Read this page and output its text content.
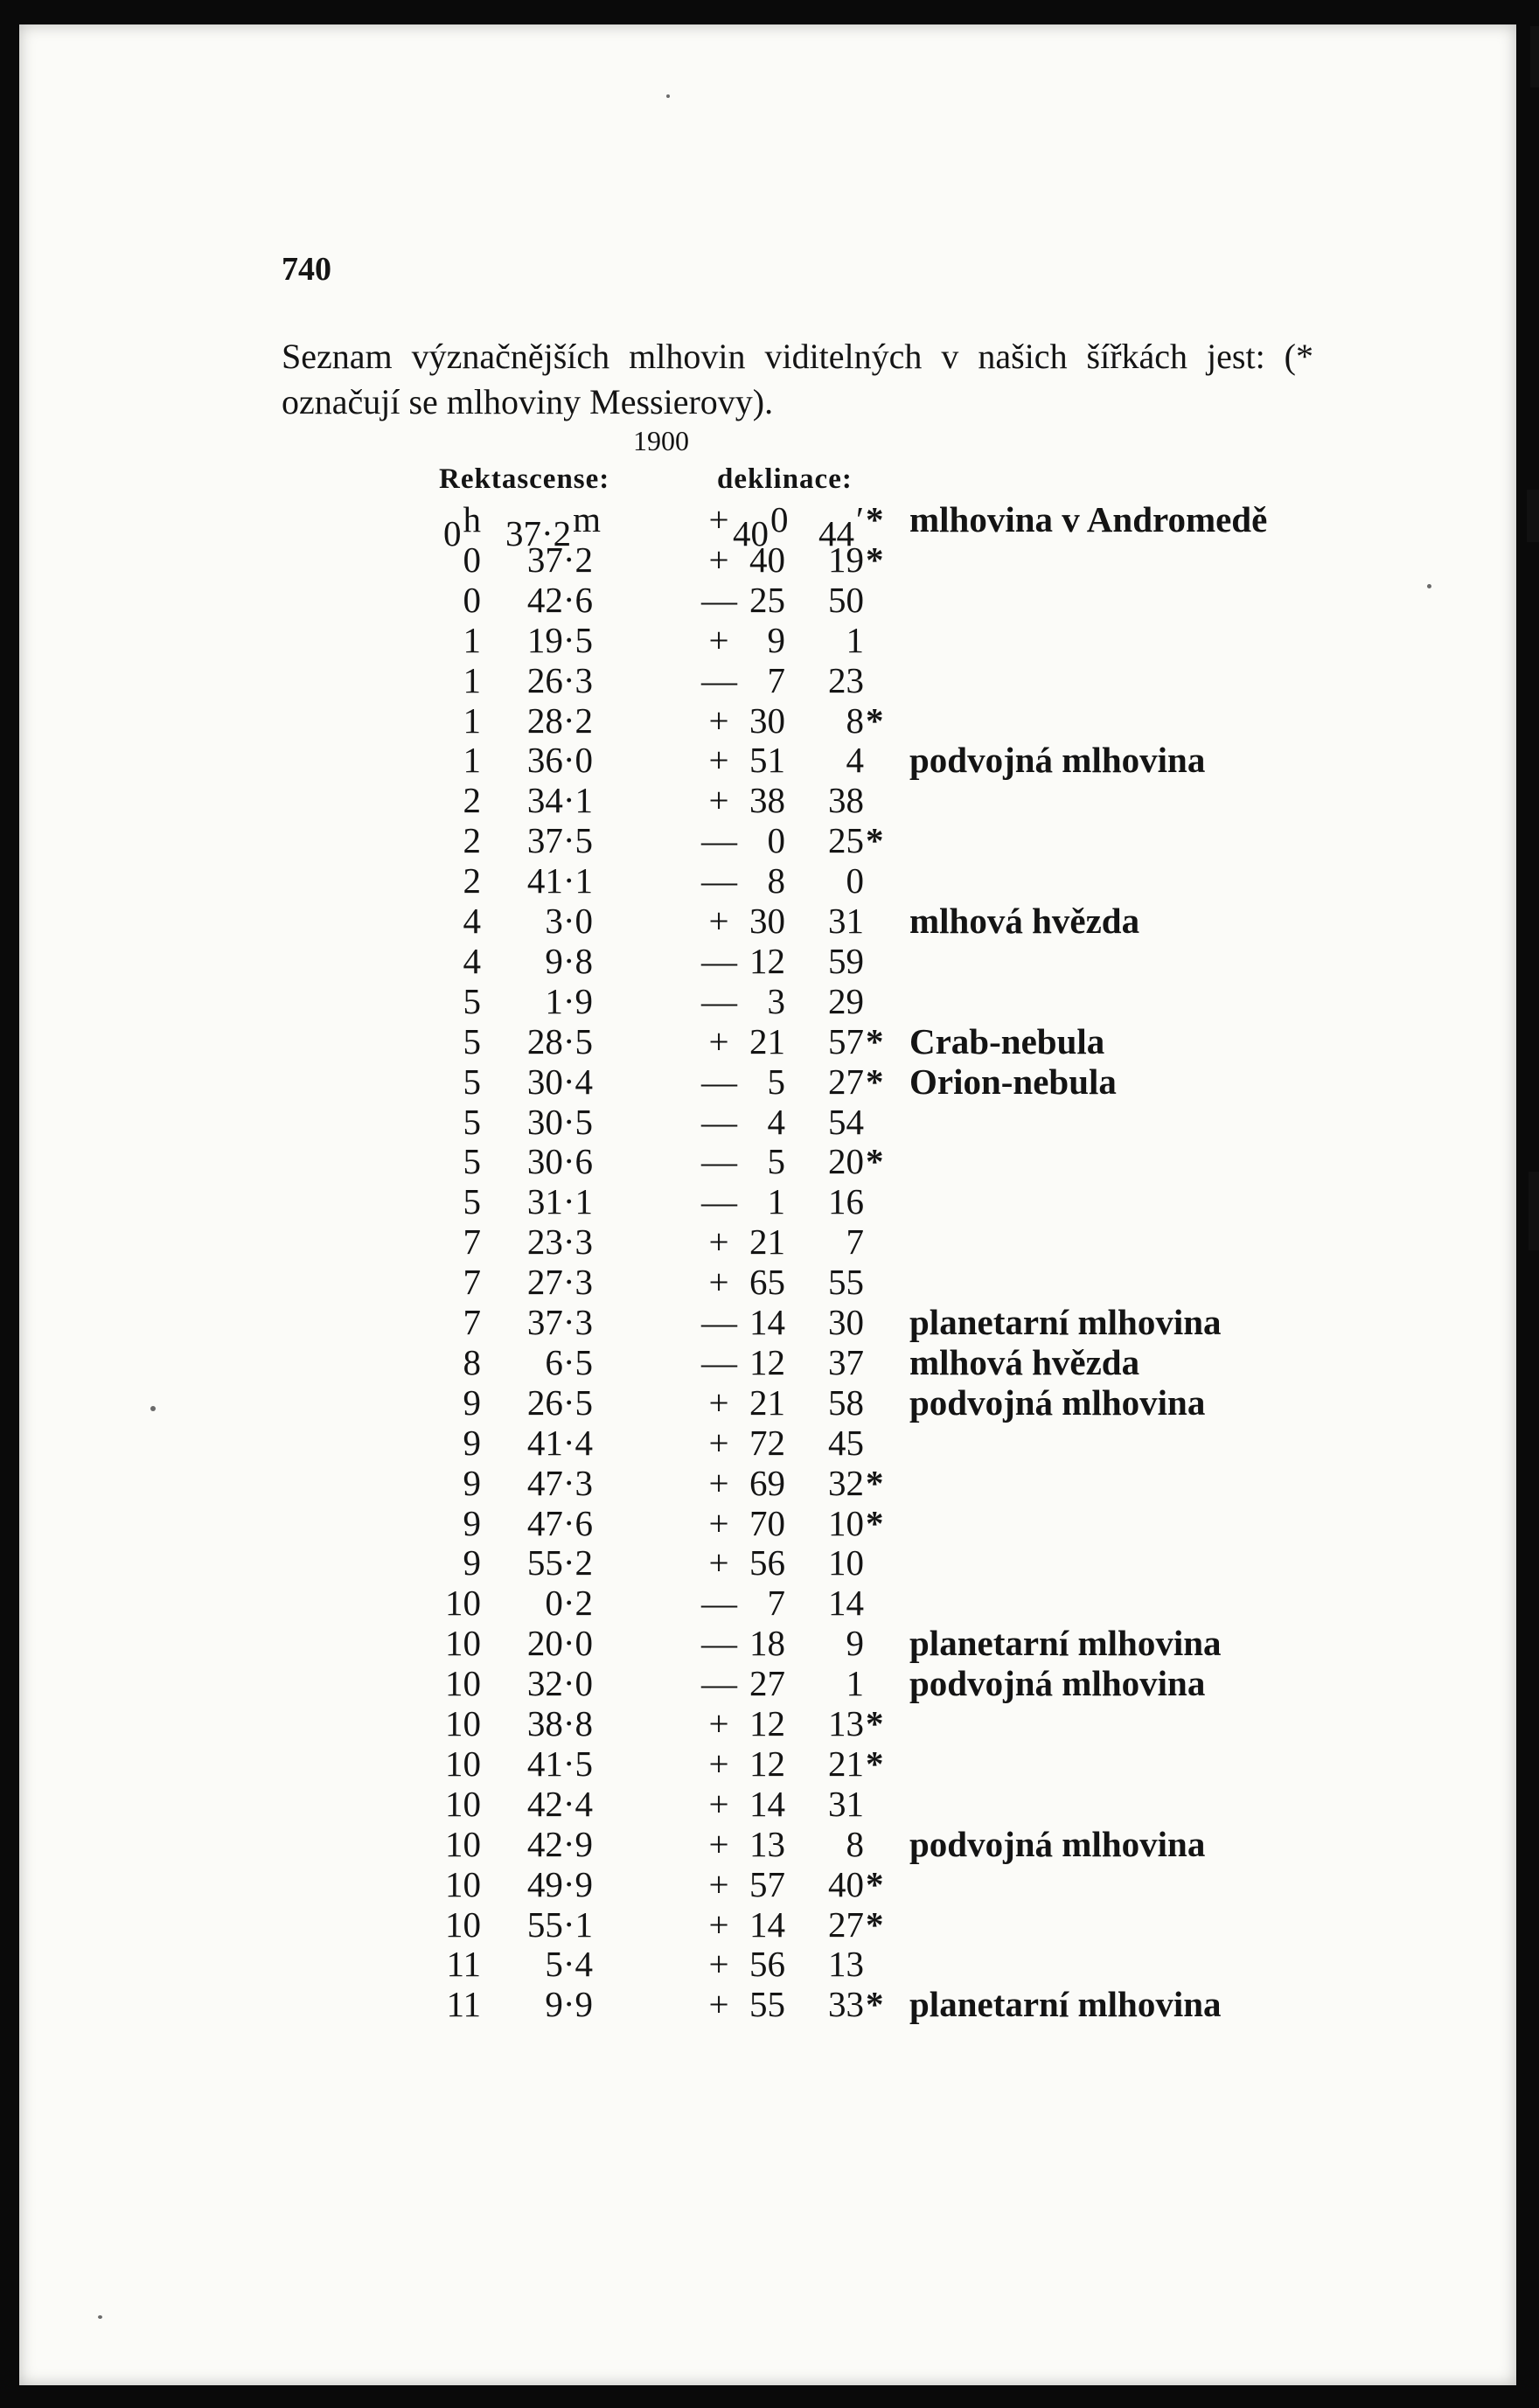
740
Seznam význačnějších mlhovin viditelných v našich šířkách jest: (* označují se mlhoviny Messierovy).
1900
Rektascense:	deklinace:
0h 37·2m	+ 400 44′ * mlhovina v Andromedě
0	37·2	+ 40	19 *
0	42·6	— 25	50
1	19·5	+	9	1
1	26·3	— 7	23
1	28·2	+ 30	8 *
1	36·0	+ 51	4 podvojná mlhovina
2	34·1	+ 38	38
2	37·5	— 0	25 *
2	41·1	— 8	0
4	3·0	+ 30	31 mlhová hvězda
4	9·8	— 12	59
5	1·9	— 3	29
5	28·5	+ 21	57 * Crab-nebula
5	30·4	— 5	27 * Orion-nebula
5	30·5	— 4	54
5	30·6	— 5	20 *
5	31·1	— 1	16
7	23·3	+ 21	7
7	27·3	+ 65	55
7	37·3	— 14	30 planetarní mlhovina
8	6·5	— 12	37 mlhová hvězda
9	26·5	+ 21	58 podvojná mlhovina
9	41·4	+ 72	45
9	47·3	+ 69	32 *
9	47·6	+ 70	10 *
9	55·2	+ 56	10
10	0·2	— 7	14
10	20·0	— 18	9 planetarní mlhovina
10	32·0	— 27	1 podvojná mlhovina
10	38·8	+ 12	13 *
10	41·5	+ 12	21 *
10	42·4	+ 14	31
10	42·9	+ 13	8 podvojná mlhovina
10	49·9	+ 57	40 *
10	55·1	+ 14	27 *
11	5·4	+ 56	13
11	9·9	+ 55	33 * planetarní mlhovina
